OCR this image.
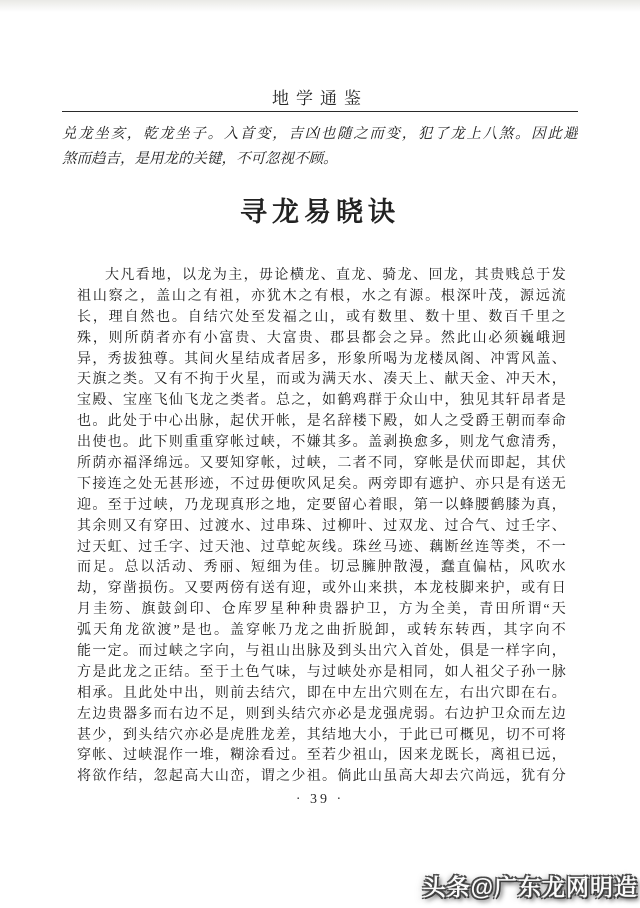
地学通鉴
兑龙坐亥，乾龙坐子。入首变，吉凶也随之而变，犯了龙上八煞。因此避
煞而趋吉，是用龙的关键，不可忽视不顾。
寻龙易晓诀
大凡看地，以龙为主，毋论横龙、直龙、骑龙、回龙，其贵贱总于发
祖山察之，盖山之有祖，亦犹木之有根，水之有源。根深叶茂，源远流
长，理自然也。自结穴处至发福之山，或有数里、数十里、数百千里之
殊，则所荫者亦有小富贵、大富贵、郡县都会之异。然此山必须巍峨迥
异，秀拔独尊。其间火星结成者居多，形象所喝为龙楼凤阁、冲霄风盖、
天旗之类。又有不拘于火星，而或为满天水、凑天上、献天金、冲天木，
宝殿、宝座飞仙飞龙之类者。总之，如鹤鸡群于众山中，独见其轩昂者是
也。此处于中心出脉，起伏开帐，是名辞楼下殿，如人之受爵王朝而奉命
出使也。此下则重重穿帐过峡，不嫌其多。盖剥换愈多，则龙气愈清秀，
所荫亦福泽绵远。又要知穿帐，过峡，二者不同，穿帐是伏而即起，其伏
下接连之处无甚形迹，不过毋便吹风足矣。两旁即有遮护、亦只是有送无
迎。至于过峡，乃龙现真形之地，定要留心着眼，第一以蜂腰鹤膝为真，
其余则又有穿田、过渡水、过串珠、过柳叶、过双龙、过合气、过壬字、
过天虹、过壬字、过天池、过草蛇灰线。珠丝马迹、藕断丝连等类，不一
而足。总以活动、秀丽、短细为佳。切忌臃肿散漫，蠢直偏枯，风吹水
劫，穿凿损伤。又要两傍有送有迎，或外山来拱，本龙枝脚来护，或有日
月圭笏、旗鼓剑印、仓库罗星种种贵器护卫，方为全美，青田所谓“天
弧天角龙欲渡”是也。盖穿帐乃龙之曲折脱卸，或转东转西，其字向不
能一定。而过峡之字向，与祖山出脉及到头出穴入首处，俱是一样字向，
方是此龙之正结。至于土色气味，与过峡处亦是相同，如人祖父子孙一脉
相承。且此处中出，则前去结穴，即在中左出穴则在左，右出穴即在右。
左边贵器多而右边不足，则到头结穴亦必是龙强虎弱。右边护卫众而左边
甚少，到头结穴亦必是虎胜龙差，其结地大小，于此已可概见，切不可将
穿帐、过峡混作一堆，糊涂看过。至若少祖山，因来龙既长，离祖已远，
将欲作结，忽起高大山峦，谓之少祖。倘此山虽高大却去穴尚远，犹有分
· 39 ·
头条@广东龙网明造
